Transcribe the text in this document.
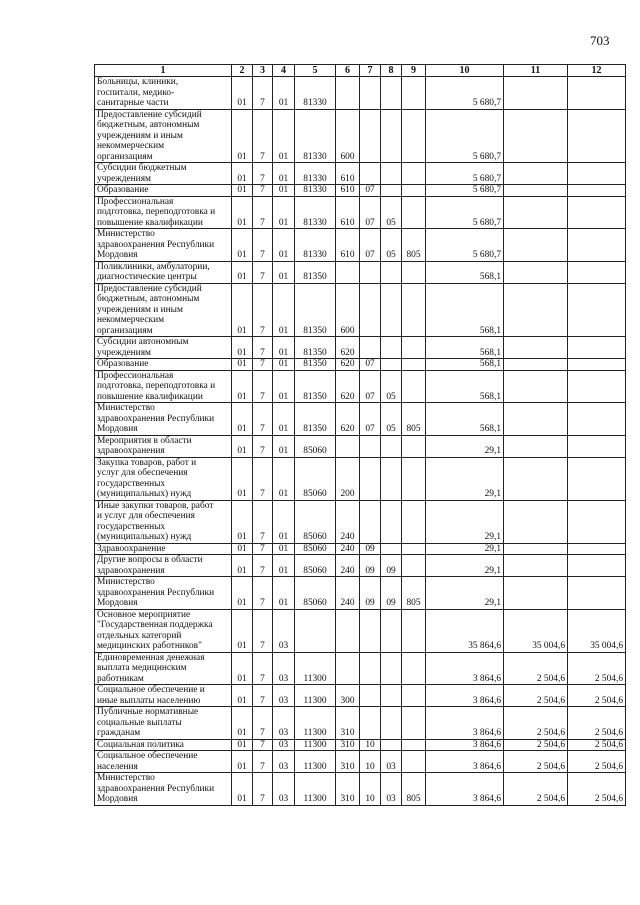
703
1	2	3	4	5	6	7	8	9	10	11	12
Больницы, клиники,
госпитали, медико-
санитарные части	01	7	01	81330					5 680,7		
Предоставление субсидий
бюджетным, автономным
учреждениям и иным
некоммерческим
организациям	01	7	01	81330	600				5 680,7		
Субсидии бюджетным
учреждениям	01	7	01	81330	610				5 680,7		
Образование	01	7	01	81330	610	07			5 680,7		
Профессиональная
подготовка, переподготовка и
повышение квалификации	01	7	01	81330	610	07	05		5 680,7		
Министерство
здравоохранения Республики
Мордовия	01	7	01	81330	610	07	05	805	5 680,7		
Поликлиники, амбулатории,
диагностические центры	01	7	01	81350					568,1		
Предоставление субсидий
бюджетным, автономным
учреждениям и иным
некоммерческим
организациям	01	7	01	81350	600				568,1		
Субсидии автономным
учреждениям	01	7	01	81350	620				568,1		
Образование	01	7	01	81350	620	07			568,1		
Профессиональная
подготовка, переподготовка и
повышение квалификации	01	7	01	81350	620	07	05		568,1		
Министерство
здравоохранения Республики
Мордовия	01	7	01	81350	620	07	05	805	568,1		
Мероприятия в области
здравоохранения	01	7	01	85060					29,1		
Закупка товаров, работ и
услуг для обеспечения
государственных
(муниципальных) нужд	01	7	01	85060	200				29,1		
Иные закупки товаров, работ
и услуг для обеспечения
государственных
(муниципальных) нужд	01	7	01	85060	240				29,1		
Здравоохранение	01	7	01	85060	240	09			29,1		
Другие вопросы в области
здравоохранения	01	7	01	85060	240	09	09		29,1		
Министерство
здравоохранения Республики
Мордовия	01	7	01	85060	240	09	09	805	29,1		
Основное мероприятие
"Государственная поддержка
отдельных категорий
медицинских работников"	01	7	03						35 864,6	35 004,6	35 004,6
Единовременная денежная
выплата медицинским
работникам	01	7	03	11300					3 864,6	2 504,6	2 504,6
Социальное обеспечение и
иные выплаты населению	01	7	03	11300	300				3 864,6	2 504,6	2 504,6
Публичные нормативные
социальные выплаты
гражданам	01	7	03	11300	310				3 864,6	2 504,6	2 504,6
Социальная политика	01	7	03	11300	310	10			3 864,6	2 504,6	2 504,6
Социальное обеспечение
населения	01	7	03	11300	310	10	03		3 864,6	2 504,6	2 504,6
Министерство
здравоохранения Республики
Мордовия	01	7	03	11300	310	10	03	805	3 864,6	2 504,6	2 504,6
